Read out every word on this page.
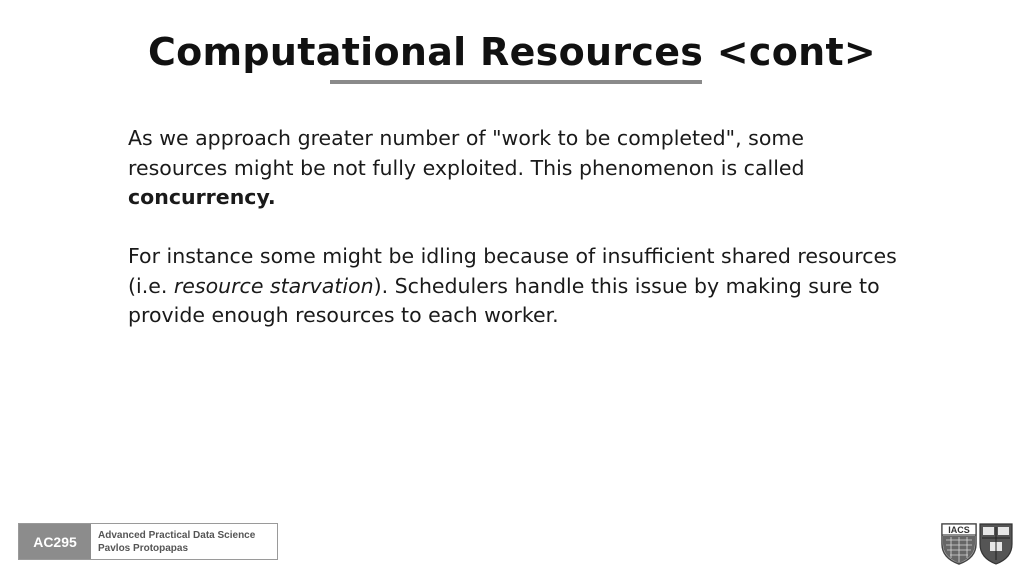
Computational Resources <cont>

As we approach greater number of "work to be completed", some resources might be not fully exploited. This phenomenon is called concurrency.

For instance some might be idling because of insufficient shared resources (i.e. resource starvation). Schedulers handle this issue by making sure to provide enough resources to each worker.

AC295	Advanced Practical Data Science
Pavlos Protopapas
IACS
